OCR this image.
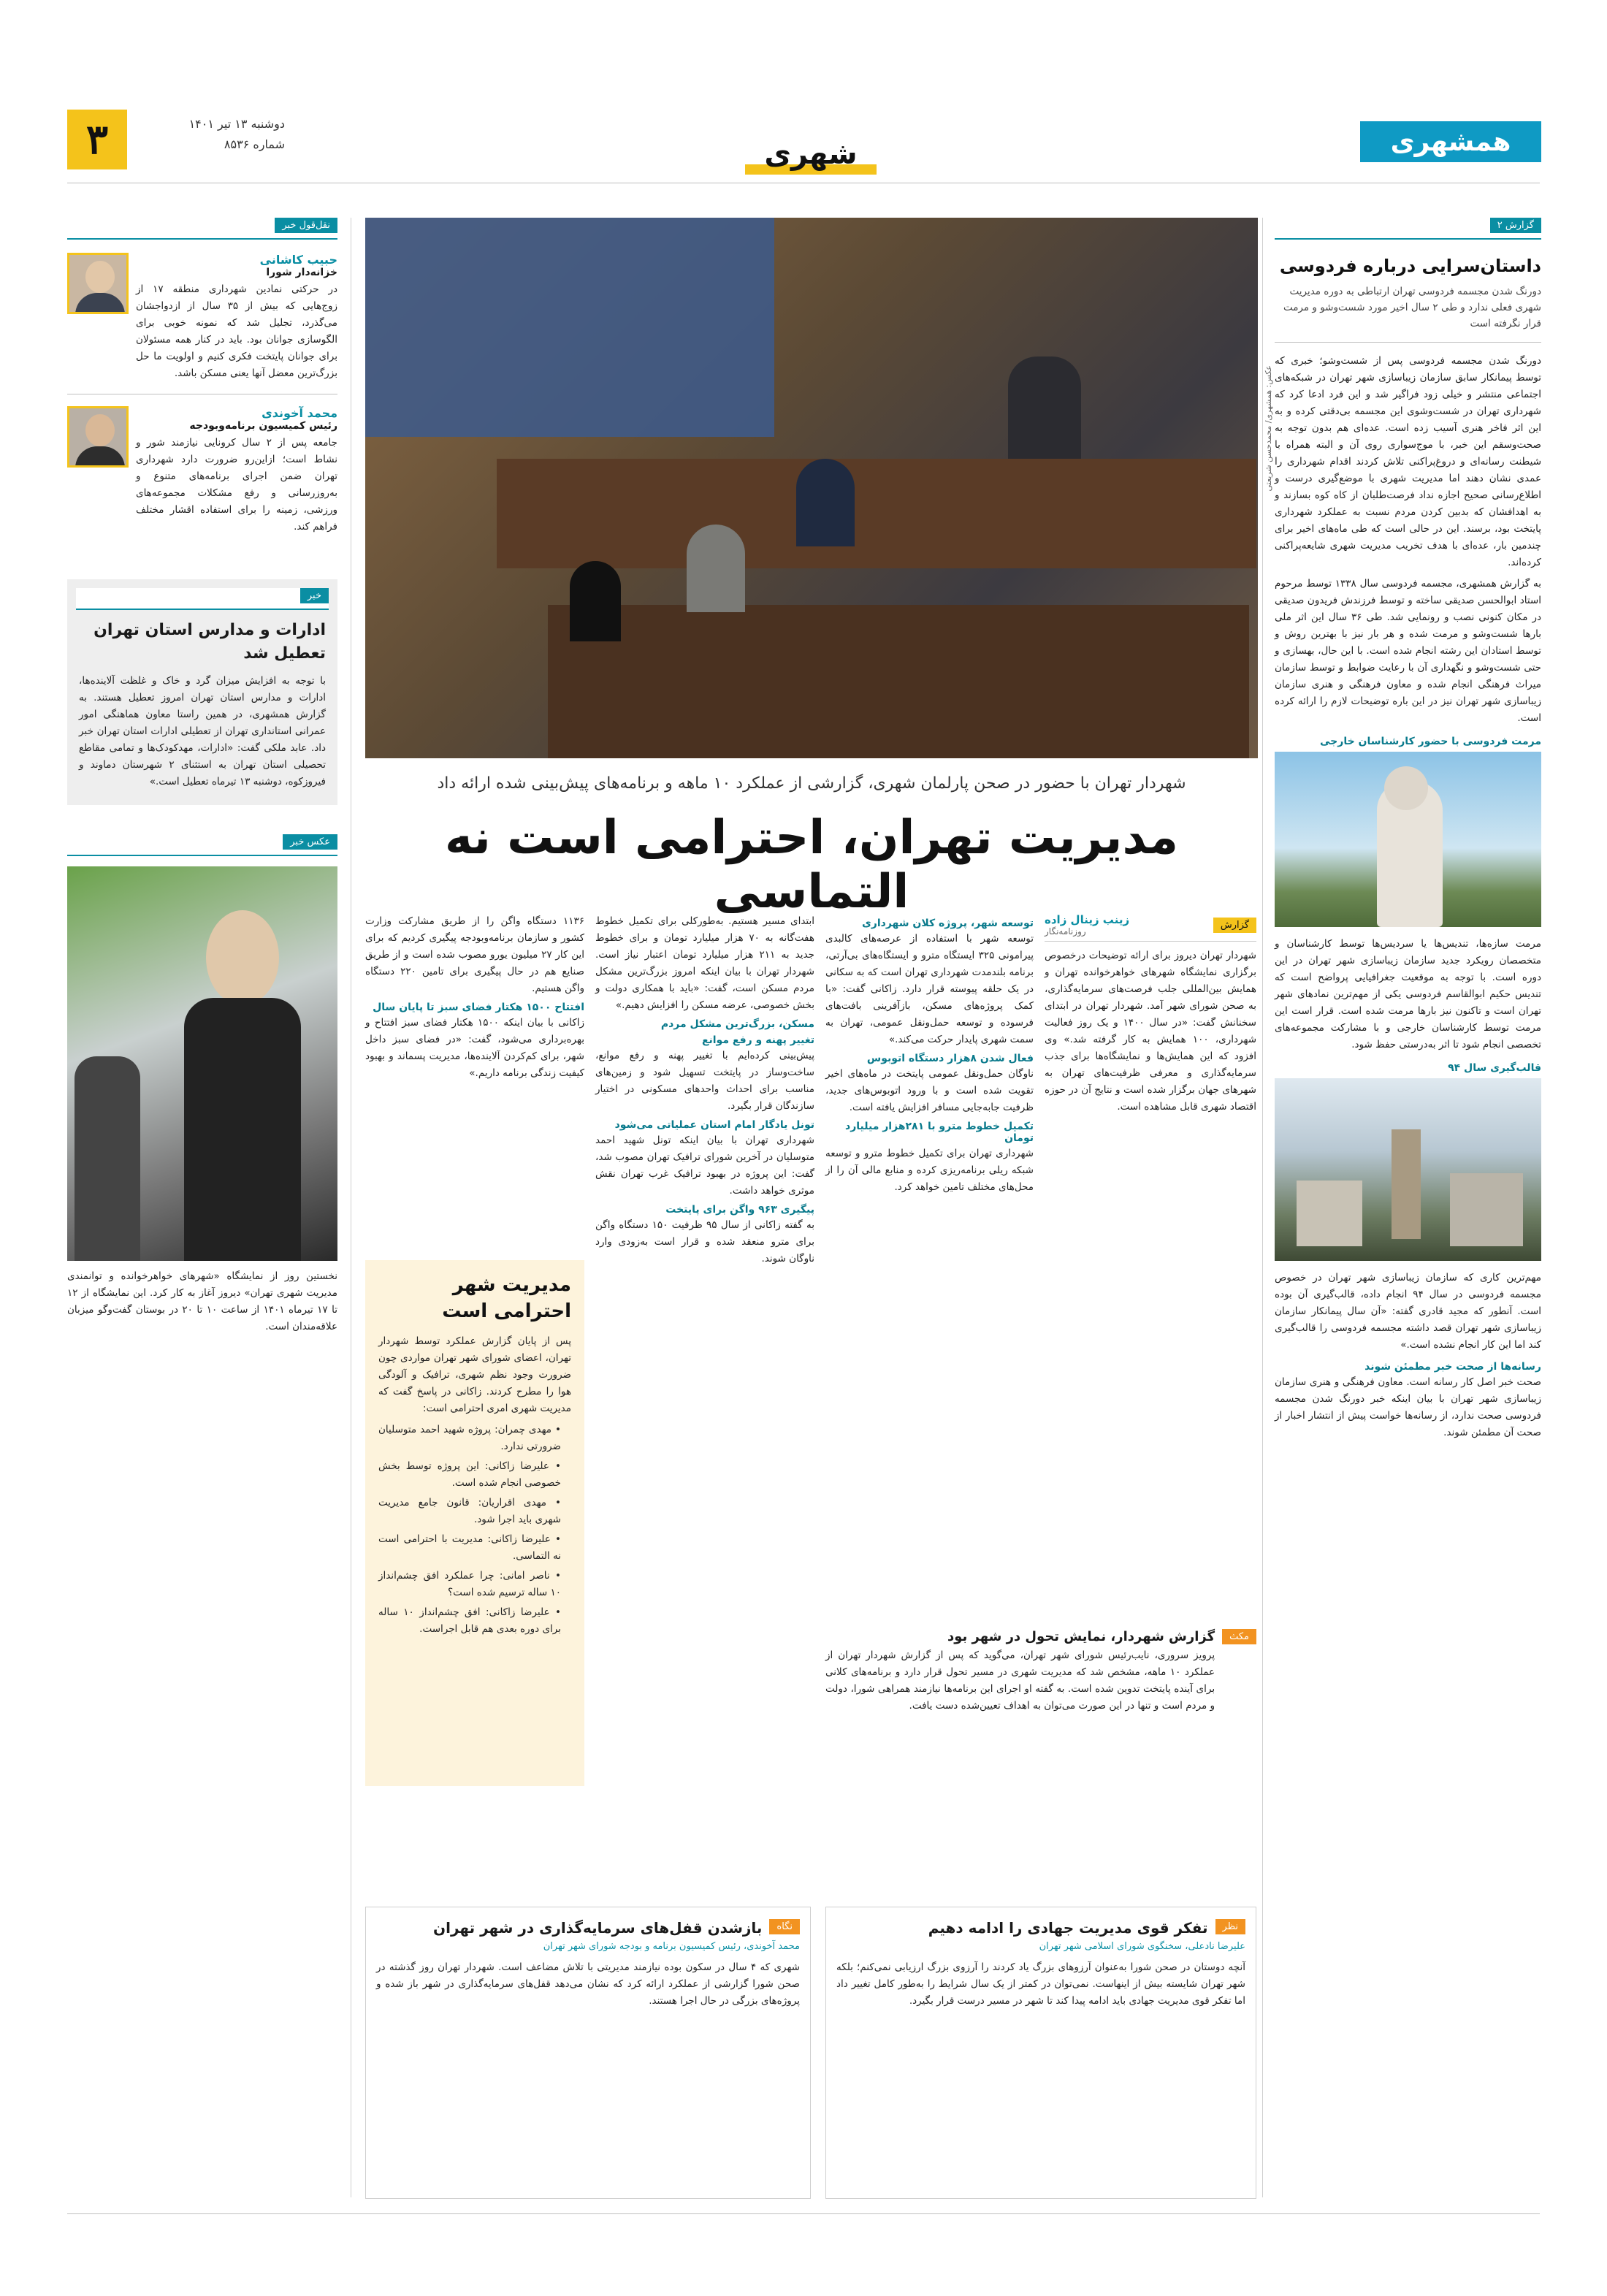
۳	دوشنبه ۱۳ تیر ۱۴۰۱
شماره ۸۵۳۶	شهری	همشهری
گزارش ۲
داستان‌سرایی درباره فردوسی

دورنگ شدن مجسمه فردوسی تهران ارتباطی به دوره مدیریت شهری فعلی ندارد و طی ۲ سال اخیر مورد شست‌وشو و مرمت قرار نگرفته است

دورنگ شدن مجسمه فردوسی پس از شست‌وشو؛ خبری که توسط پیمانکار سابق سازمان زیباسازی شهر تهران در شبکه‌های اجتماعی منتشر و خیلی زود فراگیر شد و این فرد ادعا کرد که شهرداری تهران در شست‌وشوی این مجسمه بی‌دقتی کرده و به این اثر فاخر هنری آسیب زده است. عده‌ای هم بدون توجه به صحت‌وسقم این خبر، با موج‌سواری روی آن و البته همراه با شیطنت رسانه‌ای و دروغ‌پراکنی تلاش کردند اقدام شهرداری را عمدی نشان دهند اما مدیریت شهری با موضع‌گیری درست و اطلاع‌رسانی صحیح اجازه نداد فرصت‌طلبان از کاه کوه بسازند و به اهدافشان که بدبین کردن مردم نسبت به عملکرد شهرداری پایتخت بود، برسند. این در حالی است که طی ماه‌های اخیر برای چندمین بار، عده‌ای با هدف تخریب مدیریت شهری شایعه‌پراکنی کرده‌اند.
به گزارش همشهری، مجسمه فردوسی سال ۱۳۳۸ توسط مرحوم استاد ابوالحسن صدیقی ساخته و توسط فرزندش فریدون صدیقی در مکان کنونی نصب و رونمایی شد. طی ۳۶ سال این اثر ملی بارها شست‌وشو و مرمت شده و هر بار نیز با بهترین روش و توسط استادان این رشته انجام شده است. با این حال، بهسازی و حتی شست‌وشو و نگهداری آن با رعایت ضوابط و توسط سازمان میراث فرهنگی انجام شده و معاون فرهنگی و هنری سازمان زیباسازی شهر تهران نیز در این باره توضیحات لازم را ارائه کرده است.
مرمت فردوسی با حضور کارشناسان خارجی
مرمت سازه‌ها، تندیس‌ها یا سردیس‌ها توسط کارشناسان و متخصصان رویکرد جدید سازمان زیباسازی شهر تهران در این دوره است. با توجه به موقعیت جغرافیایی پرواضح است که تندیس حکیم ابوالقاسم فردوسی یکی از مهم‌ترین نمادهای شهر تهران است و تاکنون نیز بارها مرمت شده است. قرار است این مرمت توسط کارشناسان خارجی و با مشارکت مجموعه‌های تخصصی انجام شود تا اثر به‌درستی حفظ شود.
قالب‌گیری سال ۹۴
مهم‌ترین کاری که سازمان زیباسازی شهر تهران در خصوص مجسمه فردوسی در سال ۹۴ انجام داده، قالب‌گیری آن بوده است. آنطور که مجید قادری گفته: «آن سال پیمانکار سازمان زیباسازی شهر تهران قصد داشته مجسمه فردوسی را قالب‌گیری کند اما این کار انجام نشده است.»
رسانه‌ها از صحت خبر مطمئن شوند
صحت خبر اصل کار رسانه است. معاون فرهنگی و هنری سازمان زیباسازی شهر تهران با بیان اینکه خبر دورنگ شدن مجسمه فردوسی صحت ندارد، از رسانه‌ها خواست پیش از انتشار اخبار از صحت آن مطمئن شوند.
عکس: همشهری/ محمدحسن شریعتی
شهردار تهران با حضور در صحن پارلمان شهری، گزارشی از عملکرد ۱۰ ماهه و برنامه‌های پیش‌بینی شده ارائه داد
مدیریت تهران، احترامی است نه التماسی
گزارش
زینب زینال زاده
روزنامه‌نگار
شهردار تهران دیروز برای ارائه توضیحات درخصوص برگزاری نمایشگاه شهرهای خواهرخوانده تهران و همایش بین‌المللی جلب فرصت‌های سرمایه‌گذاری، به صحن شورای شهر آمد. شهردار تهران در ابتدای سخنانش گفت: «در سال ۱۴۰۰ و یک روز فعالیت شهرداری، ۱۰۰ همایش به کار گرفته شد.» وی افزود که این همایش‌ها و نمایشگاه‌ها برای جذب سرمایه‌گذاری و معرفی ظرفیت‌های تهران به شهرهای جهان برگزار شده است و نتایج آن در حوزه اقتصاد شهری قابل مشاهده است.
توسعه شهر، پروژه کلان شهرداری
توسعه شهر با استفاده از عرصه‌های کالبدی پیرامونی ۳۲۵ ایستگاه مترو و ایستگاه‌های بی‌آرتی، برنامه بلندمدت شهرداری تهران است که به سکانی در یک حلقه پیوسته قرار دارد. زاکانی گفت: «با کمک پروژه‌های مسکن، بازآفرینی بافت‌های فرسوده و توسعه حمل‌ونقل عمومی، تهران به سمت شهری پایدار حرکت می‌کند.»
فعال شدن ۸هزار دستگاه اتوبوس
ناوگان حمل‌ونقل عمومی پایتخت در ماه‌های اخیر تقویت شده است و با ورود اتوبوس‌های جدید، ظرفیت جابه‌جایی مسافر افزایش یافته است.
تکمیل خطوط مترو با ۲۸۱هزار میلیارد تومان
شهرداری تهران برای تکمیل خطوط مترو و توسعه شبکه ریلی برنامه‌ریزی کرده و منابع مالی آن را از محل‌های مختلف تامین خواهد کرد.
ابتدای مسیر هستیم. به‌طورکلی برای تکمیل خطوط هفت‌گانه به ۷۰ هزار میلیارد تومان و برای خطوط جدید به ۲۱۱ هزار میلیارد تومان اعتبار نیاز است. شهردار تهران با بیان اینکه امروز بزرگ‌ترین مشکل مردم مسکن است، گفت: «باید با همکاری دولت و بخش خصوصی، عرضه مسکن را افزایش دهیم.»
مسکن، بزرگ‌ترین مشکل مردم
تغییر پهنه و رفع موانع
پیش‌بینی کرده‌ایم با تغییر پهنه و رفع موانع، ساخت‌وساز در پایتخت تسهیل شود و زمین‌های مناسب برای احداث واحدهای مسکونی در اختیار سازندگان قرار بگیرد.
تونل یادگار امام استان عملیاتی می‌شود
شهرداری تهران با بیان اینکه تونل شهید احمد متوسلیان در آخرین شورای ترافیک تهران مصوب شد، گفت: این پروژه در بهبود ترافیک غرب تهران نقش موثری خواهد داشت.
پیگیری ۹۶۳ واگن برای پایتخت
به گفته زاکانی از سال ۹۵ ظرفیت ۱۵۰ دستگاه واگن برای مترو منعقد شده و قرار است به‌زودی وارد ناوگان شوند.
۱۱۳۶ دستگاه واگن را از طریق مشارکت وزارت کشور و سازمان برنامه‌وبودجه پیگیری کردیم که برای این کار ۲۷ میلیون یورو مصوب شده است و از طریق صنایع هم در حال پیگیری برای تامین ۲۲۰ دستگاه واگن هستیم.
افتتاح ۱۵۰۰ هکتار فضای سبز تا پایان سال
زاکانی با بیان اینکه ۱۵۰۰ هکتار فضای سبز افتتاح و بهره‌برداری می‌شود، گفت: «در فضای سبز داخل شهر، برای کم‌کردن آلاینده‌ها، مدیریت پسماند و بهبود کیفیت زندگی برنامه داریم.»
مدیریت شهر احترامی است
پس از پایان گزارش عملکرد توسط شهردار تهران، اعضای شورای شهر تهران مواردی چون ضرورت وجود نظم شهری، ترافیک و آلودگی هوا را مطرح کردند. زاکانی در پاسخ گفت که مدیریت شهری امری احترامی است:
• مهدی چمران: پروژه شهید احمد متوسلیان ضرورتی ندارد.
• علیرضا زاکانی: این پروژه توسط بخش خصوصی انجام شده است.
• مهدی اقراریان: قانون جامع مدیریت شهری باید اجرا شود.
• علیرضا زاکانی: مدیریت با احترامی است نه التماسی.
• ناصر امانی: چرا عملکرد افق چشم‌انداز ۱۰ ساله ترسیم شده است؟
• علیرضا زاکانی: افق چشم‌انداز ۱۰ ساله برای دوره بعدی هم قابل اجراست.
مکث
گزارش شهردار، نمایش تحول در شهر بود
پرویز سروری، نایب‌رئیس شورای شهر تهران، می‌گوید که پس از گزارش شهردار تهران از عملکرد ۱۰ ماهه، مشخص شد که مدیریت شهری در مسیر تحول قرار دارد و برنامه‌های کلانی برای آینده پایتخت تدوین شده است. به گفته او اجرای این برنامه‌ها نیازمند همراهی شورا، دولت و مردم است و تنها در این صورت می‌توان به اهداف تعیین‌شده دست یافت.
نظر
تفکر قوی مدیریت جهادی را ادامه دهیم
علیرضا نادعلی، سخنگوی شورای اسلامی شهر تهران
آنچه دوستان در صحن شورا به‌عنوان آرزوهای بزرگ یاد کردند را آرزوی بزرگ ارزیابی نمی‌کنم؛ بلکه شهر تهران شایسته بیش از اینهاست. نمی‌توان در کمتر از یک سال شرایط را به‌طور کامل تغییر داد اما تفکر قوی مدیریت جهادی باید ادامه پیدا کند تا شهر در مسیر درست قرار بگیرد.
نگاه
بازشدن قفل‌های سرمایه‌گذاری در شهر تهران
محمد آخوندی، رئیس کمیسیون برنامه و بودجه شورای شهر تهران
شهری که ۴ سال در سکون بوده نیازمند مدیریتی با تلاش مضاعف است. شهردار تهران روز گذشته در صحن شورا گزارشی از عملکرد ارائه کرد که نشان می‌دهد قفل‌های سرمایه‌گذاری در شهر باز شده و پروژه‌های بزرگی در حال اجرا هستند.
نقل‌قول خبر
حبیب کاشانی
خزانه‌دار شورا
در حرکتی نمادین شهرداری منطقه ۱۷ از زوج‌هایی که بیش از ۳۵ سال از ازدواجشان می‌گذرد، تجلیل شد که نمونه خوبی برای الگوسازی جوانان بود. باید در کنار همه مسئولان برای جوانان پایتخت فکری کنیم و اولویت ما حل بزرگ‌ترین معضل آنها یعنی مسکن باشد.
محمد آخوندی
رئیس کمیسیون برنامه‌وبودجه
جامعه پس از ۲ سال کرونایی نیازمند شور و نشاط است؛ ازاین‌رو ضرورت دارد شهرداری تهران ضمن اجرای برنامه‌های متنوع و به‌روزرسانی و رفع مشکلات مجموعه‌های ورزشی، زمینه را برای استفاده اقشار مختلف فراهم کند.
خبر
ادارات و مدارس استان تهران تعطیل شد
با توجه به افزایش میزان گرد و خاک و غلظت آلاینده‌ها، ادارات و مدارس استان تهران امروز تعطیل هستند. به گزارش همشهری، در همین راستا معاون هماهنگی امور عمرانی استانداری تهران از تعطیلی ادارات استان تهران خبر داد. عابد ملکی گفت: «ادارات، مهدکودک‌ها و تمامی مقاطع تحصیلی استان تهران به استثنای ۲ شهرستان دماوند و فیروزکوه، دوشنبه ۱۳ تیرماه تعطیل است.»
عکس خبر
نخستین روز از نمایشگاه «شهرهای خواهرخوانده و توانمندی مدیریت شهری تهران» دیروز آغاز به کار کرد. این نمایشگاه از ۱۲ تا ۱۷ تیرماه ۱۴۰۱ از ساعت ۱۰ تا ۲۰ در بوستان گفت‌وگو میزبان علاقه‌مندان است.
